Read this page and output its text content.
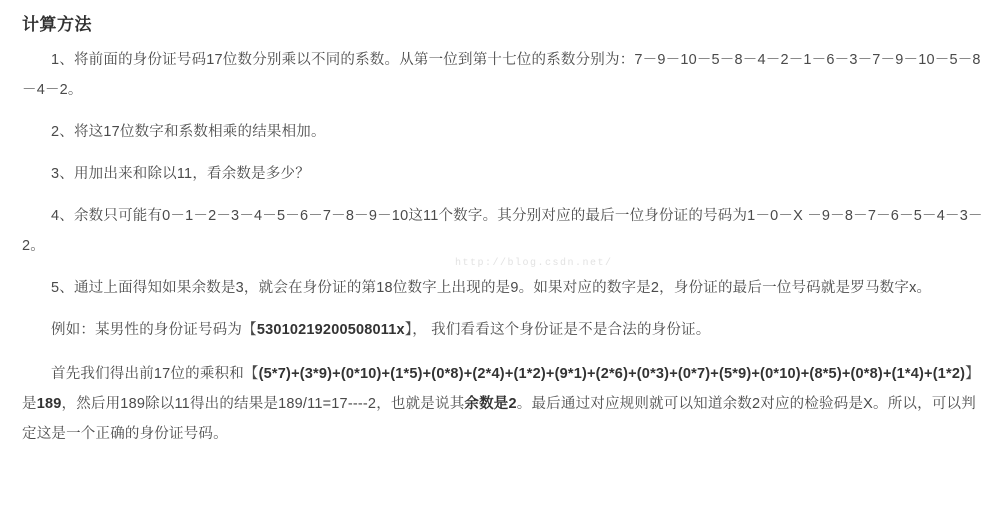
计算方法

1、将前面的身份证号码17位数分别乘以不同的系数。从第一位到第十七位的系数分别为：7－9－10－5－8－4－2－1－6－3－7－9－10－5－8－4－2。

2、将这17位数字和系数相乘的结果相加。

3、用加出来和除以11，看余数是多少？

4、余数只可能有0－1－2－3－4－5－6－7－8－9－10这11个数字。其分别对应的最后一位身份证的号码为1－0－X －9－8－7－6－5－4－3－2。

5、通过上面得知如果余数是3，就会在身份证的第18位数字上出现的是9。如果对应的数字是2，身份证的最后一位号码就是罗马数字x。

例如：某男性的身份证号码为【53010219200508011x】， 我们看看这个身份证是不是合法的身份证。

首先我们得出前17位的乘积和【(5*7)+(3*9)+(0*10)+(1*5)+(0*8)+(2*4)+(1*2)+(9*1)+(2*6)+(0*3)+(0*7)+(5*9)+(0*10)+(8*5)+(0*8)+(1*4)+(1*2)】是189，然后用189除以11得出的结果是189/11=17----2，也就是说其余数是2。最后通过对应规则就可以知道余数2对应的检验码是X。所以，可以判定这是一个正确的身份证号码。

http://blog.csdn.net/
